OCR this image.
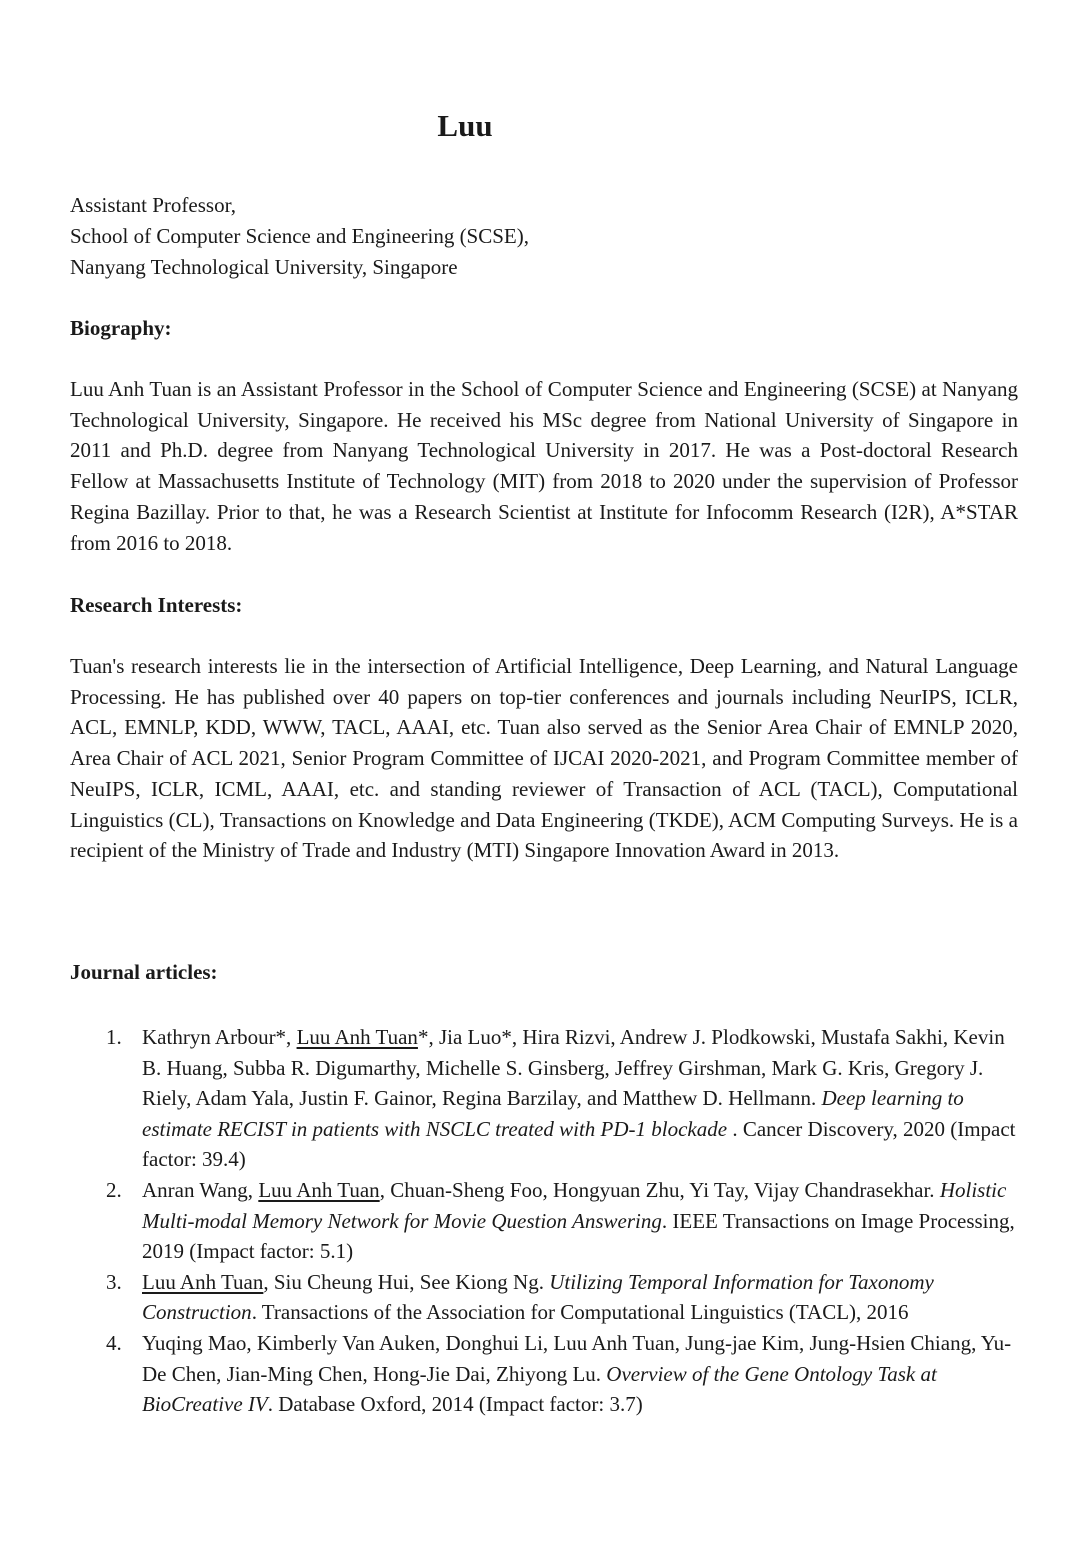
Luu
Assistant Professor,
School of Computer Science and Engineering (SCSE),
Nanyang Technological University, Singapore
Biography:

Luu Anh Tuan is an Assistant Professor in the School of Computer Science and Engineering (SCSE) at Nanyang Technological University, Singapore. He received his MSc degree from National University of Singapore in 2011 and Ph.D. degree from Nanyang Technological University in 2017. He was a Post-doctoral Research Fellow at Massachusetts Institute of Technology (MIT) from 2018 to 2020 under the supervision of Professor Regina Bazillay. Prior to that, he was a Research Scientist at Institute for Infocomm Research (I2R), A*STAR from 2016 to 2018.

Research Interests:

Tuan's research interests lie in the intersection of Artificial Intelligence, Deep Learning, and Natural Language Processing. He has published over 40 papers on top-tier conferences and journals including NeurIPS, ICLR, ACL, EMNLP, KDD, WWW, TACL, AAAI, etc. Tuan also served as the Senior Area Chair of EMNLP 2020, Area Chair of ACL 2021, Senior Program Committee of IJCAI 2020-2021, and Program Committee member of NeuIPS, ICLR, ICML, AAAI, etc. and standing reviewer of Transaction of ACL (TACL), Computational Linguistics (CL), Transactions on Knowledge and Data Engineering (TKDE), ACM Computing Surveys. He is a recipient of the Ministry of Trade and Industry (MTI) Singapore Innovation Award in 2013.

Journal articles:
1. Kathryn Arbour*, Luu Anh Tuan*, Jia Luo*, Hira Rizvi, Andrew J. Plodkowski, Mustafa Sakhi, Kevin B. Huang, Subba R. Digumarthy, Michelle S. Ginsberg, Jeffrey Girshman, Mark G. Kris, Gregory J. Riely, Adam Yala, Justin F. Gainor, Regina Barzilay, and Matthew D. Hellmann. Deep learning to estimate RECIST in patients with NSCLC treated with PD-1 blockade . Cancer Discovery, 2020 (Impact factor: 39.4)
2. Anran Wang, Luu Anh Tuan, Chuan-Sheng Foo, Hongyuan Zhu, Yi Tay, Vijay Chandrasekhar. Holistic Multi-modal Memory Network for Movie Question Answering. IEEE Transactions on Image Processing, 2019 (Impact factor: 5.1)
3. Luu Anh Tuan, Siu Cheung Hui, See Kiong Ng. Utilizing Temporal Information for Taxonomy Construction. Transactions of the Association for Computational Linguistics (TACL), 2016
4. Yuqing Mao, Kimberly Van Auken, Donghui Li, Luu Anh Tuan, Jung-jae Kim, Jung-Hsien Chiang, Yu-De Chen, Jian-Ming Chen, Hong-Jie Dai, Zhiyong Lu. Overview of the Gene Ontology Task at BioCreative IV. Database Oxford, 2014 (Impact factor: 3.7)
